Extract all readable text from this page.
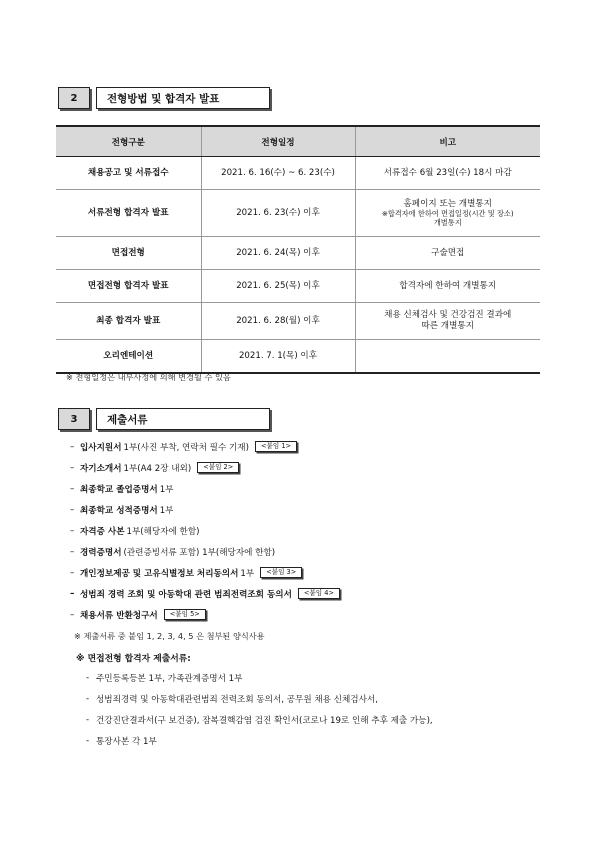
2	전형방법 및 합격자 발표
전형구분	전형일정	비고
채용공고 및 서류접수	2021. 6. 16(수) ~ 6. 23(수)	서류접수 6월 23일(수) 18시 마감
서류전형 합격자 발표	2021. 6. 23(수) 이후	홈페이지 또는 개별통지
※합격자에 한하여 면접일정(시간 및 장소)
개별통지

면접전형	2021. 6. 24(목) 이후	구술면접
면접전형 합격자 발표	2021. 6. 25(목) 이후	합격자에 한하여 개별통지
최종 합격자 발표	2021. 6. 28(월) 이후	채용 신체검사 및 건강검진 결과에
따른 개별통지

오리엔테이션	2021. 7. 1(목) 이후	
※ 전형일정은 내부사정에 의해 변경될 수 있음
3	제출서류
– 입사지원서 1부(사진 부착, 연락처 필수 기재)	<붙임 1>
– 자기소개서 1부(A4 2장 내외)	<붙임 2>
– 최종학교 졸업증명서 1부
– 최종학교 성적증명서 1부
– 자격증 사본 1부(해당자에 한함)
– 경력증명서 (관련증빙서류 포함) 1부(해당자에 한함)
– 개인정보제공 및 고유식별정보 처리동의서 1부	<붙임 3>
– 성범죄 경력 조회 및 아동학대 관련 범죄전력조회 동의서	<붙임 4>
– 채용서류 반환청구서	<붙임 5>
※ 제출서류 중 붙임 1, 2, 3, 4, 5 은 첨부된 양식사용
※ 면접전형 합격자 제출서류:
- 주민등록등본 1부, 가족관계증명서 1부
- 성범죄경력 및 아동학대관련범죄 전력조회 동의서, 공무원 채용 신체검사서,
- 건강진단결과서(구 보건증), 잠복결핵감염 검진 확인서(코로나 19로 인해 추후 제출 가능),
- 통장사본 각 1부
